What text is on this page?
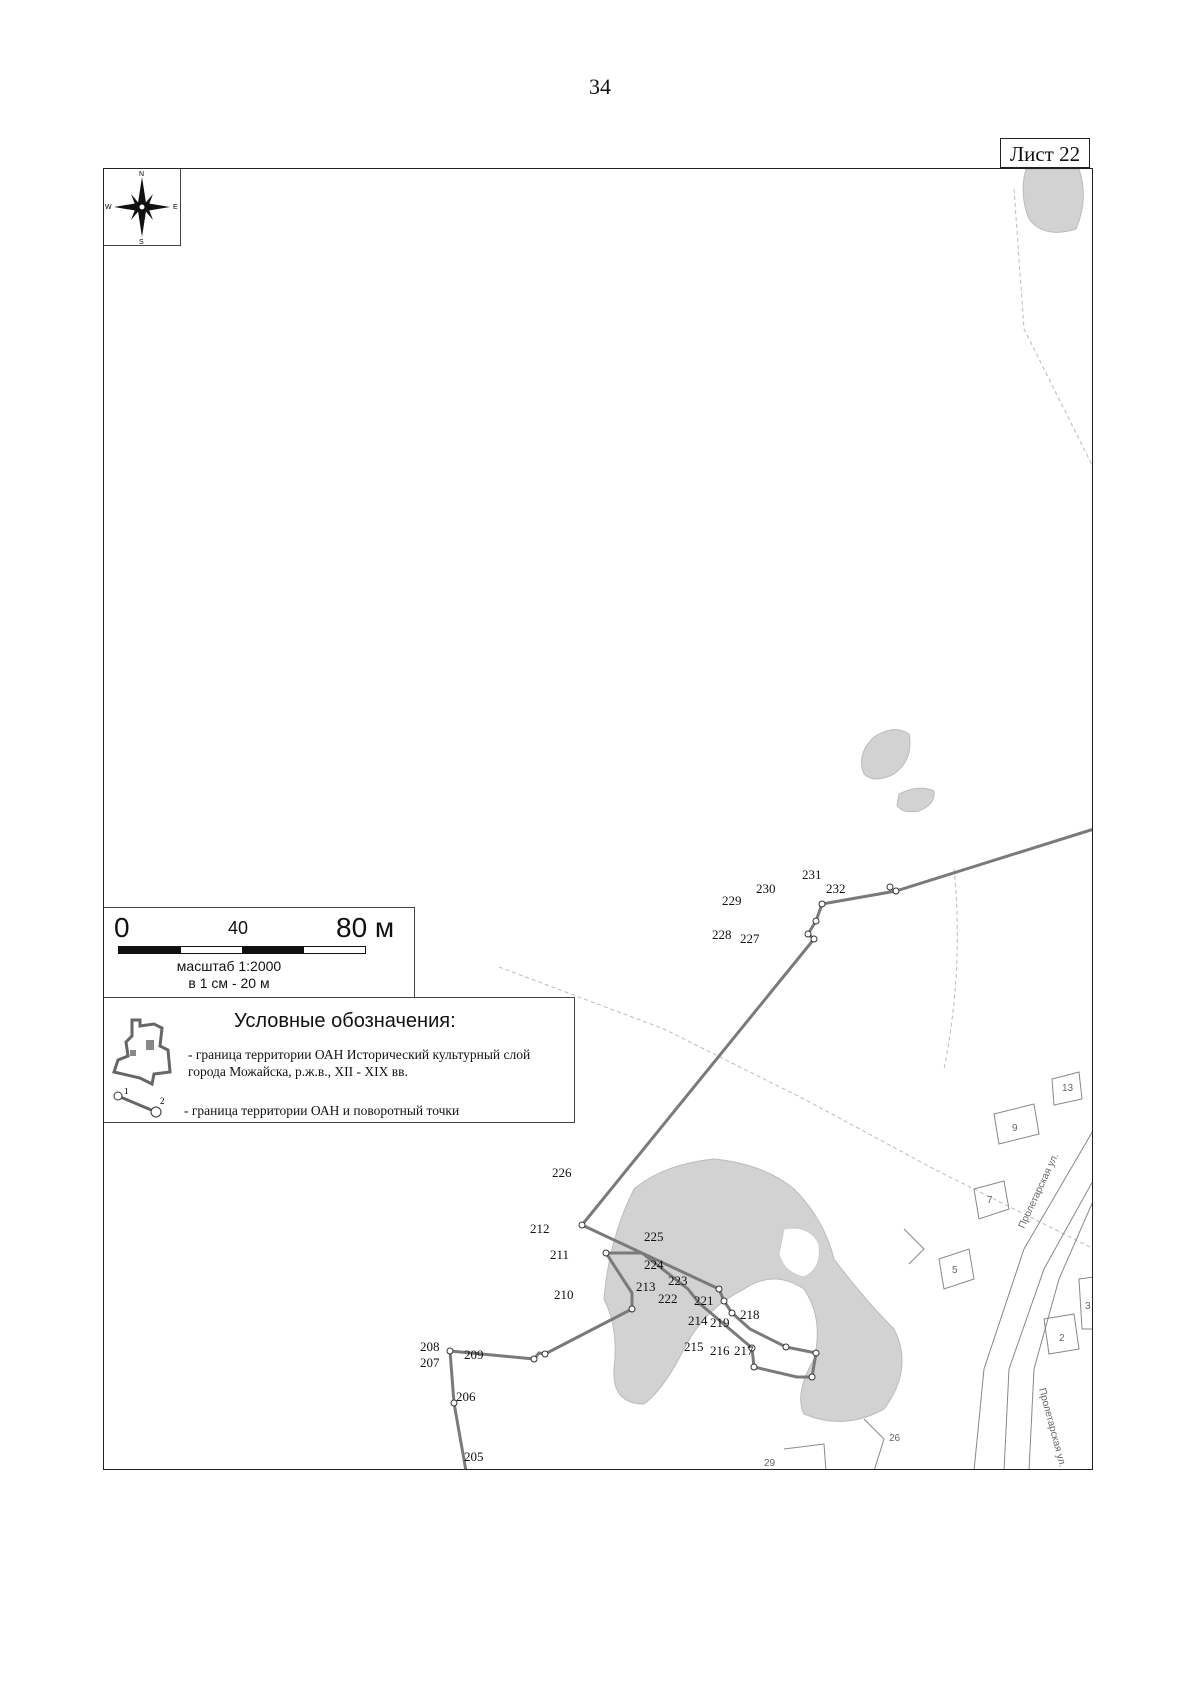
34
Лист 22
Пролетарская ул.
Пролетарская ул.
13
9
7
5
2
3
26
29
205
206
207
208
209
210
211
212
213
214
215 216 217
218
219
221
222
223
224
225
226
227
228
229
230
231
232
N
S
W	E
0	40	80 м
масштаб 1:2000
в 1 см - 20 м
Условные обозначения:
- граница территории ОАН Исторический культурный слой города Можайска, р.ж.в., XII - XIX вв.
1
2
- граница территории ОАН и поворотный точки
